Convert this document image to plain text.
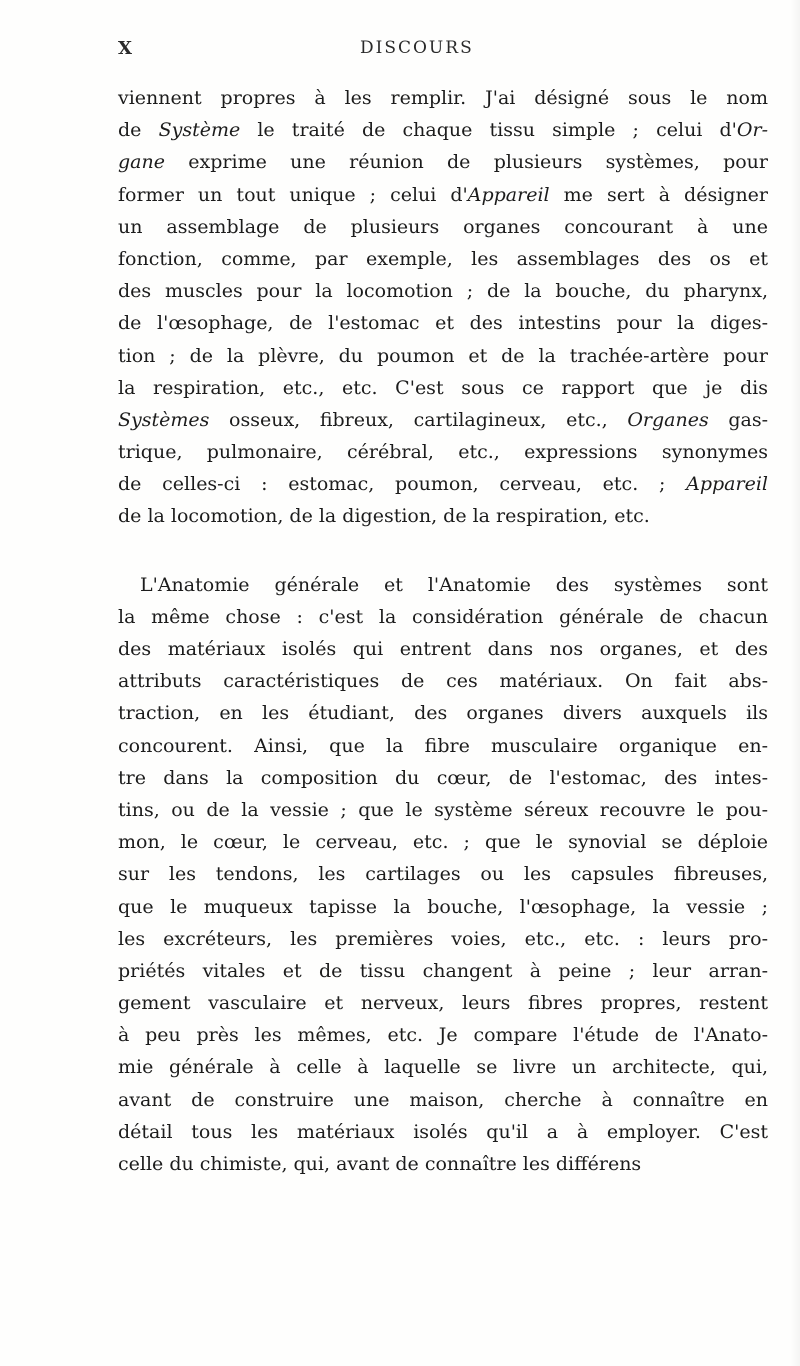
X	DISCOURS
viennent propres à les remplir. J'ai désigné sous le nom
de Système le traité de chaque tissu simple ; celui d'Or-
gane exprime une réunion de plusieurs systèmes, pour
former un tout unique ; celui d'Appareil me sert à désigner
un assemblage de plusieurs organes concourant à une
fonction, comme, par exemple, les assemblages des os et
des muscles pour la locomotion ; de la bouche, du pharynx,
de l'œsophage, de l'estomac et des intestins pour la diges-
tion ; de la plèvre, du poumon et de la trachée-artère pour
la respiration, etc., etc. C'est sous ce rapport que je dis
Systèmes osseux, fibreux, cartilagineux, etc., Organes gas-
trique, pulmonaire, cérébral, etc., expressions synonymes
de celles-ci : estomac, poumon, cerveau, etc. ; Appareil
de la locomotion, de la digestion, de la respiration, etc.
L'Anatomie générale et l'Anatomie des systèmes sont
la même chose : c'est la considération générale de chacun
des matériaux isolés qui entrent dans nos organes, et des
attributs caractéristiques de ces matériaux. On fait abs-
traction, en les étudiant, des organes divers auxquels ils
concourent. Ainsi, que la fibre musculaire organique en-
tre dans la composition du cœur, de l'estomac, des intes-
tins, ou de la vessie ; que le système séreux recouvre le pou-
mon, le cœur, le cerveau, etc. ; que le synovial se déploie
sur les tendons, les cartilages ou les capsules fibreuses,
que le muqueux tapisse la bouche, l'œsophage, la vessie ;
les excréteurs, les premières voies, etc., etc. : leurs pro-
priétés vitales et de tissu changent à peine ; leur arran-
gement vasculaire et nerveux, leurs fibres propres, restent
à peu près les mêmes, etc. Je compare l'étude de l'Anato-
mie générale à celle à laquelle se livre un architecte, qui,
avant de construire une maison, cherche à connaître en
détail tous les matériaux isolés qu'il a à employer. C'est
celle du chimiste, qui, avant de connaître les différens
